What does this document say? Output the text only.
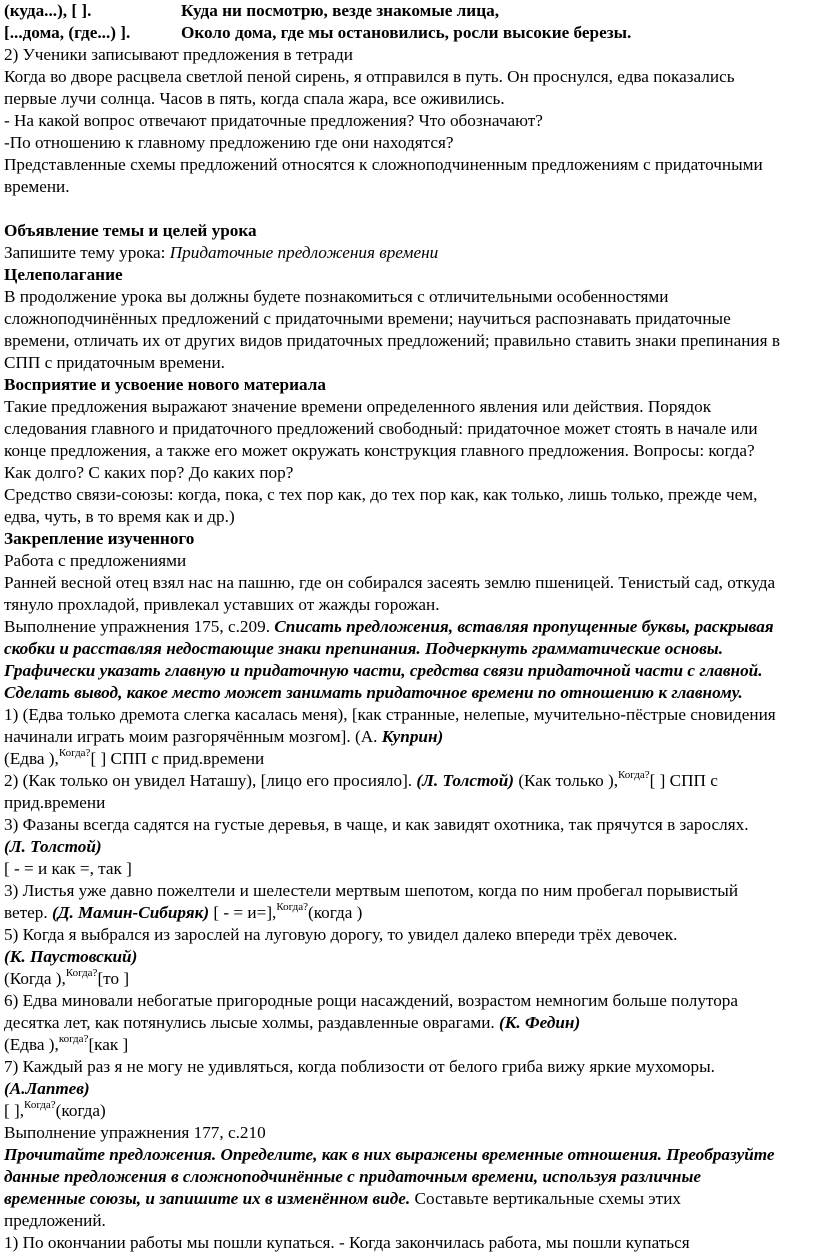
(куда...), [ ].	Куда ни посмотрю, везде знакомые лица,
[...дома, (где...) ].	Около дома, где мы остановились, росли высокие березы.
2) Ученики записывают предложения в тетради
Когда во дворе расцвела светлой пеной сирень, я отправился в путь. Он проснулся, едва показались
первые лучи солнца. Часов в пять, когда спала жара, все оживились.
- На какой вопрос отвечают придаточные предложения? Что обозначают?
-По отношению к главному предложению где они находятся?
Представленные схемы предложений относятся к сложноподчиненным предложениям с придаточными
времени.
Объявление темы и целей урока
Запишите тему урока: Придаточные предложения времени
Целеполагание
В продолжение урока вы должны будете познакомиться с отличительными особенностями
сложноподчинённых предложений с придаточными времени; научиться распознавать придаточные
времени, отличать их от других видов придаточных предложений; правильно ставить знаки препинания в
СПП с придаточным времени.
Восприятие и усвоение нового материала
Такие предложения выражают значение времени определенного явления или действия. Порядок
следования главного и придаточного предложений свободный: придаточное может стоять в начале или
конце предложения, а также его может окружать конструкция главного предложения. Вопросы: когда?
Как долго? С каких пор? До каких пор?
Средство связи-союзы: когда, пока, с тех пор как, до тех пор как, как только, лишь только, прежде чем,
едва, чуть, в то время как и др.)
Закрепление изученного
Работа с предложениями
Ранней весной отец взял нас на пашню, где он собирался засеять землю пшеницей. Тенистый сад, откуда
тянуло прохладой, привлекал уставших от жажды горожан.
Выполнение упражнения 175, с.209. Списать предложения, вставляя пропущенные буквы, раскрывая
скобки и расставляя недостающие знаки препинания. Подчеркнуть грамматические основы.
Графически указать главную и придаточную части, средства связи придаточной части с главной.
Сделать вывод, какое место может занимать придаточное времени по отношению к главному.
1) (Едва только дремота слегка касалась меня), [как странные, нелепые, мучительно-пёстрые сновидения
начинали играть моим разгорячённым мозгом]. (А. Куприн)
(Едва ),$^{Когда?}$[ ] СПП с прид.времени
2) (Как только он увидел Наташу), [лицо его просияло]. (Л. Толстой) (Как только ),$^{Когда?}$[ ] СПП с
прид.времени
3) Фазаны всегда садятся на густые деревья, в чаще, и как завидят охотника, так прячутся в зарослях.
(Л. Толстой)
[ - = и как =, так ]
3) Листья уже давно пожелтели и шелестели мертвым шепотом, когда по ним пробегал порывистый
ветер. (Д. Мамин-Сибиряк) [ - = и=],$^{Когда?}$(когда )
5) Когда я выбрался из зарослей на луговую дорогу, то увидел далеко впереди трёх девочек.
(К. Паустовский)
(Когда ),$^{Когда?}$[то ]
6) Едва миновали небогатые пригородные рощи насаждений, возрастом немногим больше полутора
десятка лет, как потянулись лысые холмы, раздавленные оврагами. (К. Федин)
(Едва ),$^{когда?}$[как ]
7) Каждый раз я не могу не удивляться, когда поблизости от белого гриба вижу яркие мухоморы.
(А.Лаптев)
[ ],$^{Когда?}$(когда)
Выполнение упражнения 177, с.210
Прочитайте предложения. Определите, как в них выражены временные отношения. Преобразуйте
данные предложения в сложноподчинённые с придаточным времени, используя различные
временные союзы, и запишите их в изменённом виде. Составьте вертикальные схемы этих
предложений.
1) По окончании работы мы пошли купаться. - Когда закончилась работа, мы пошли купаться
